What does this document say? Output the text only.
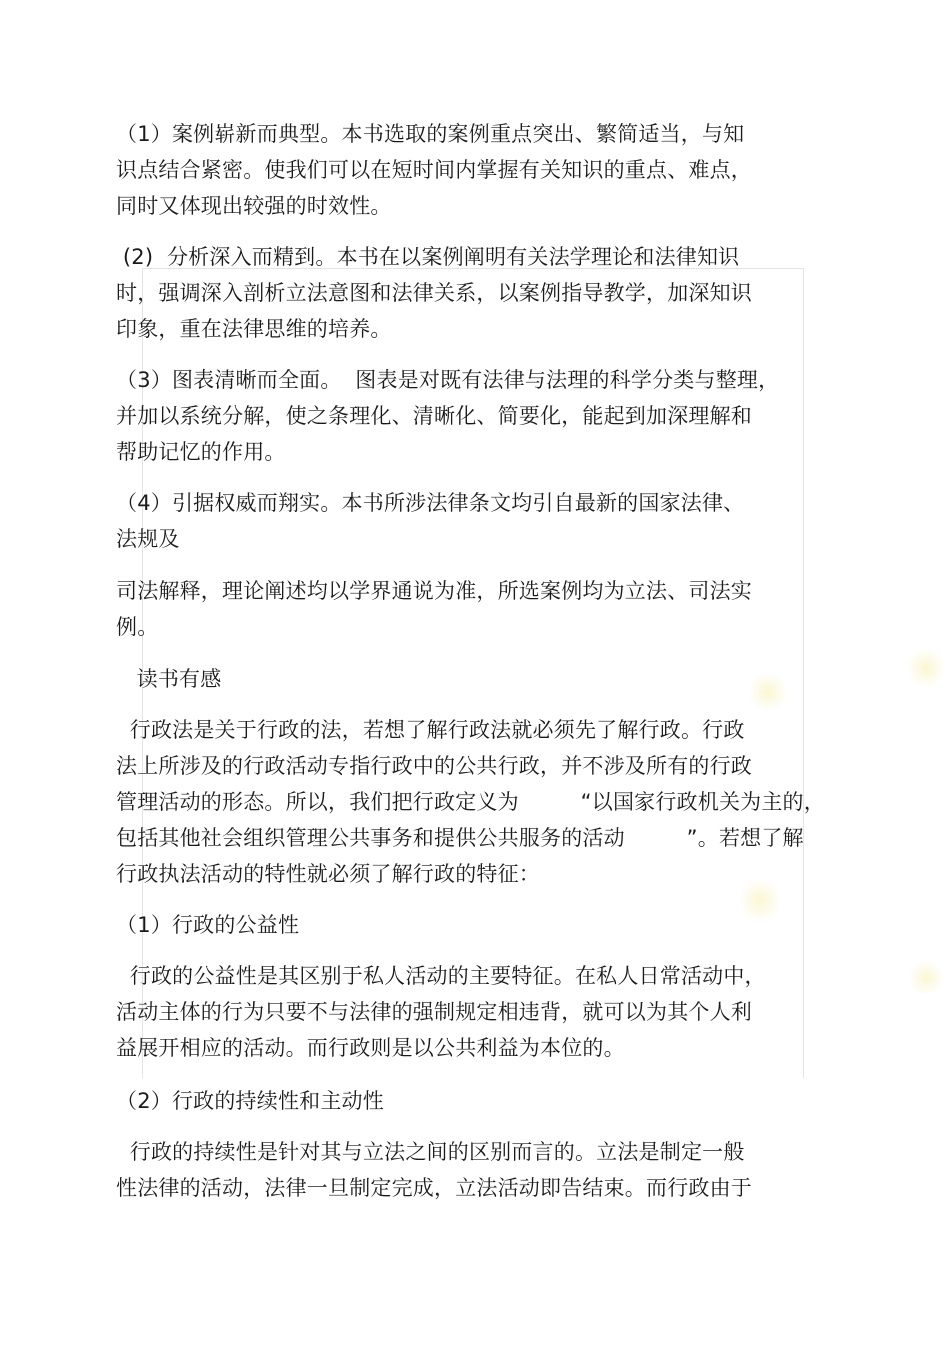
（1）案例崭新而典型。本书选取的案例重点突出、繁简适当，与知
识点结合紧密。使我们可以在短时间内掌握有关知识的重点、难点，
同时又体现出较强的时效性。
(2)  分析深入而精到。本书在以案例阐明有关法学理论和法律知识
时，强调深入剖析立法意图和法律关系，以案例指导教学，加深知识
印象，重在法律思维的培养。
（3）图表清晰而全面。  图表是对既有法律与法理的科学分类与整理，
并加以系统分解，使之条理化、清晰化、简要化，能起到加深理解和
帮助记忆的作用。
（4）引据权威而翔实。本书所涉法律条文均引自最新的国家法律、
法规及
司法解释，理论阐述均以学界通说为准，所选案例均为立法、司法实
例。
读书有感
行政法是关于行政的法，若想了解行政法就必须先了解行政。行政
法上所涉及的行政活动专指行政中的公共行政，并不涉及所有的行政
管理活动的形态。所以，我们把行政定义为         “以国家行政机关为主的，
包括其他社会组织管理公共事务和提供公共服务的活动         ”。若想了解
行政执法活动的特性就必须了解行政的特征：
（1）行政的公益性
行政的公益性是其区别于私人活动的主要特征。在私人日常活动中，
活动主体的行为只要不与法律的强制规定相违背，就可以为其个人利
益展开相应的活动。而行政则是以公共利益为本位的。
（2）行政的持续性和主动性
行政的持续性是针对其与立法之间的区别而言的。立法是制定一般
性法律的活动，法律一旦制定完成，立法活动即告结束。而行政由于
